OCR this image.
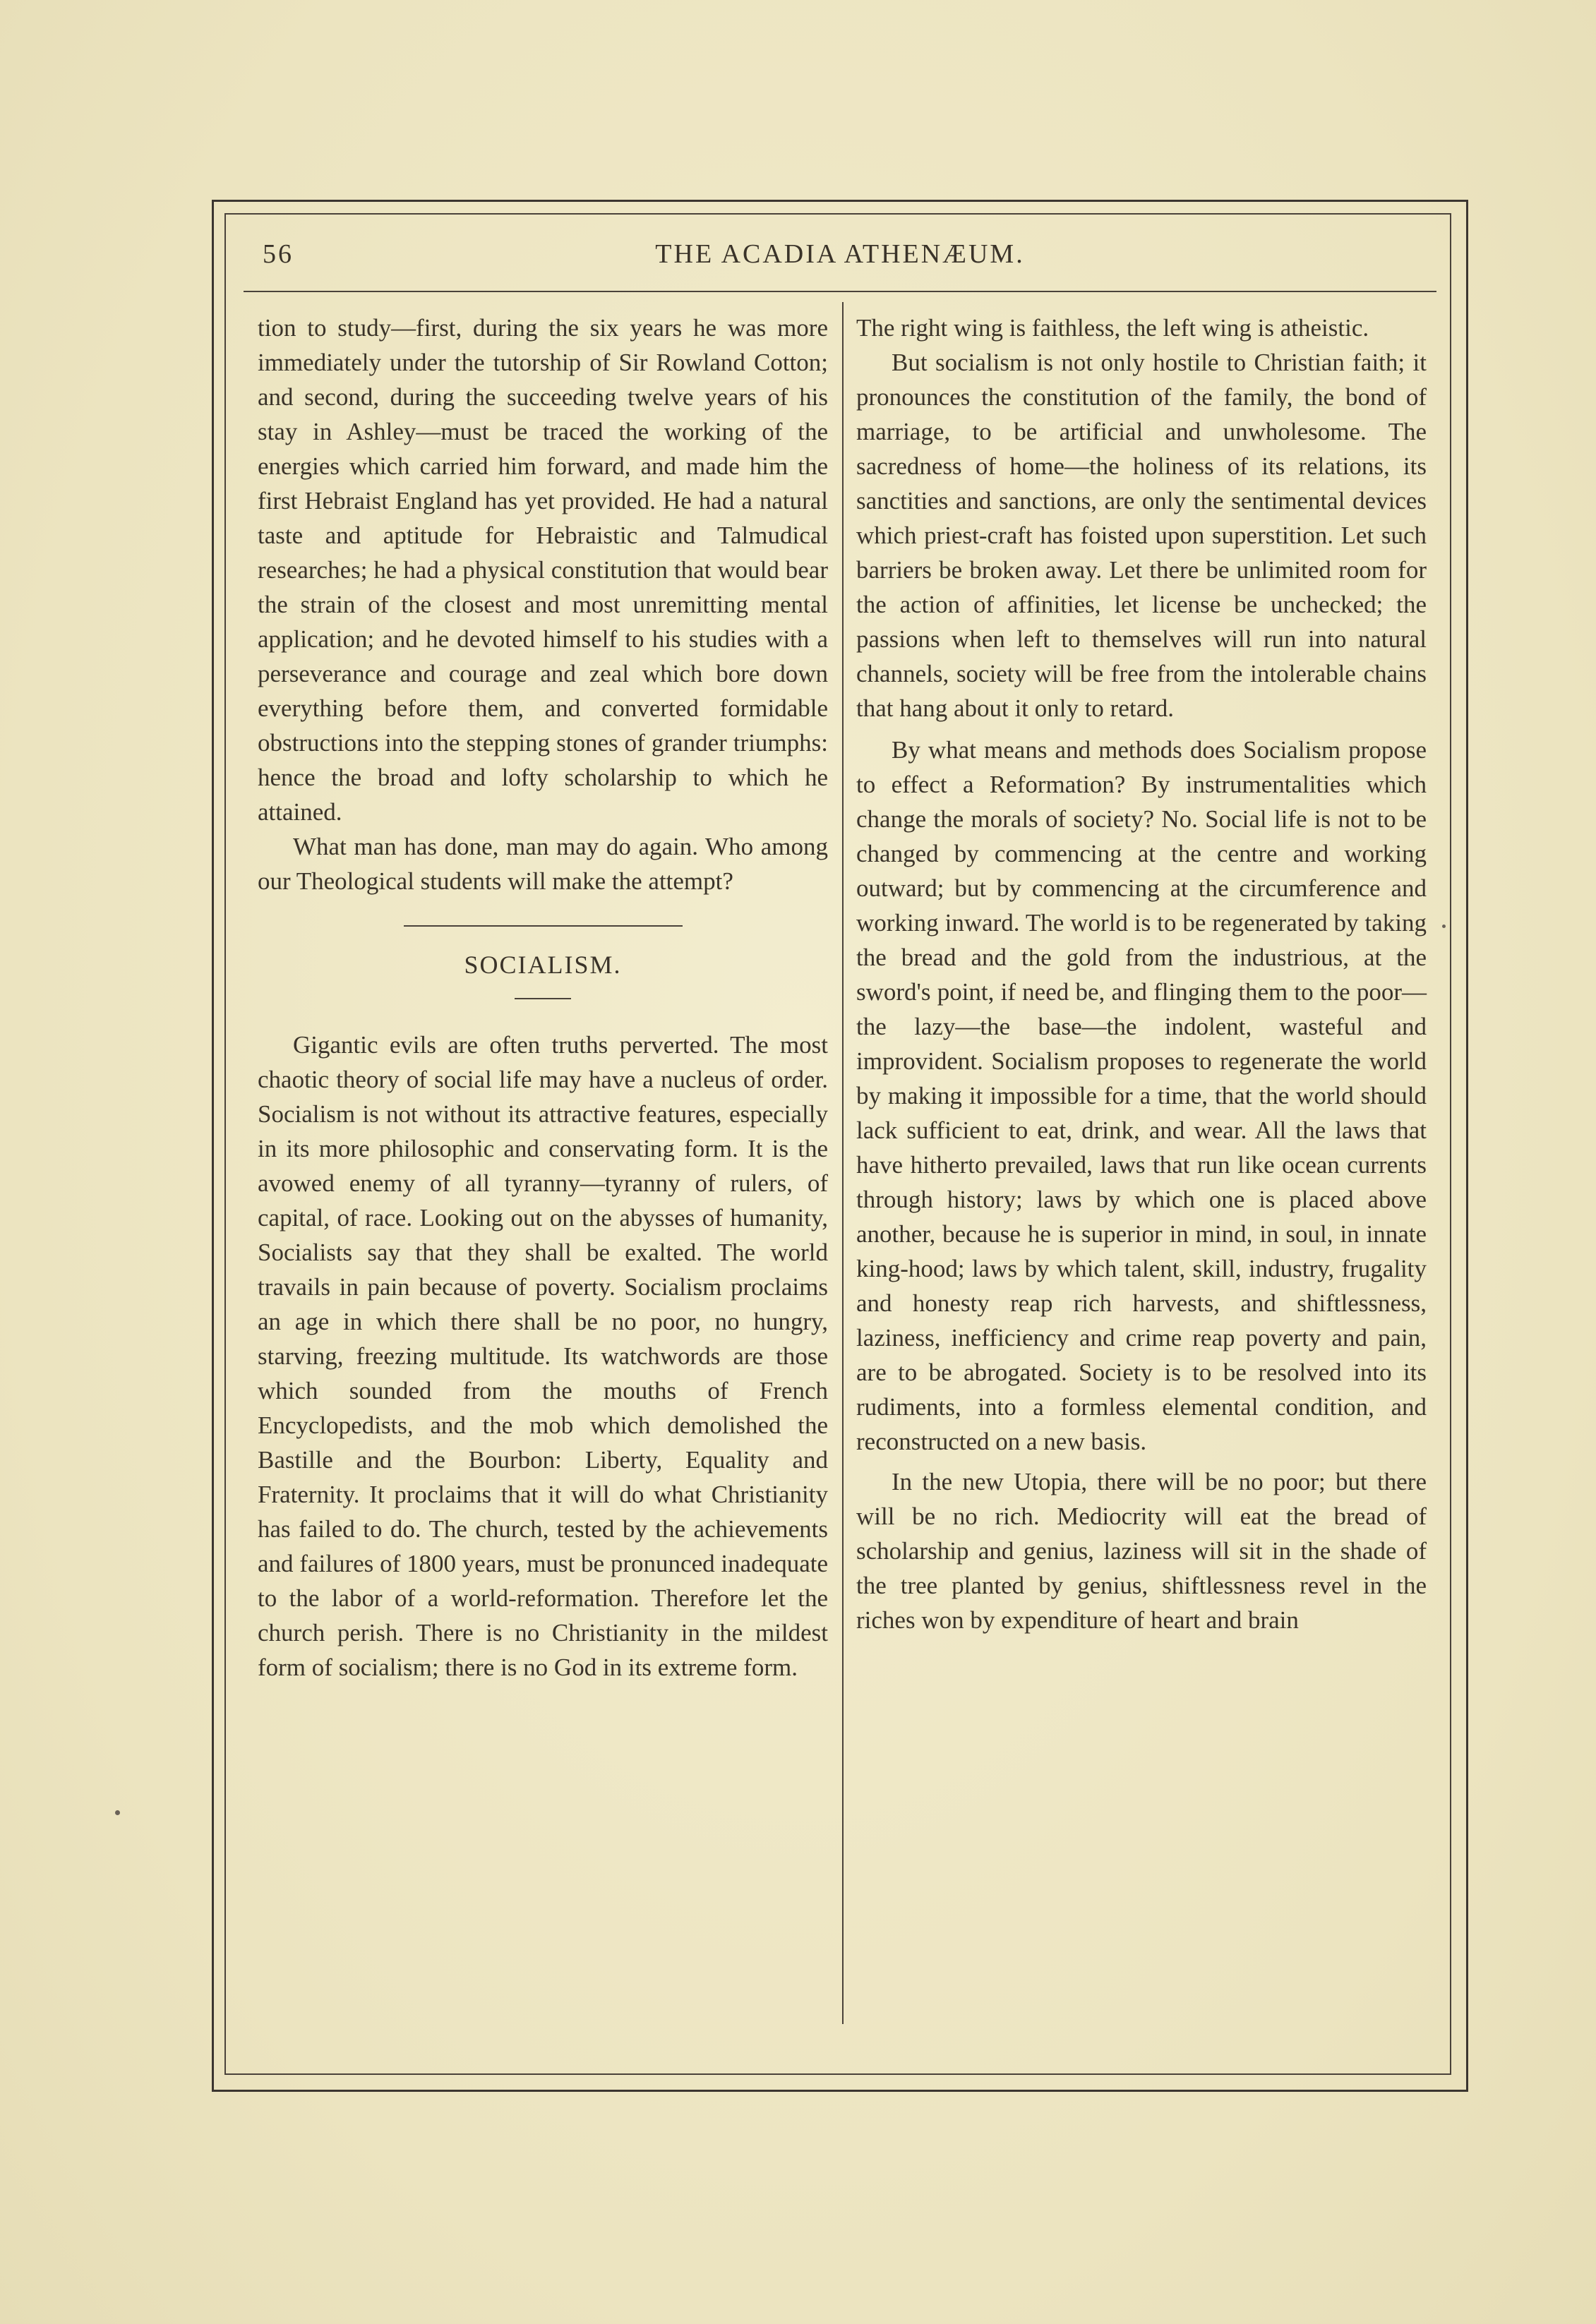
THE ACADIA ATHENÆUM.
56

tion to study—first, during the six years he was more immediately under the tutorship of Sir Rowland Cotton; and second, during the succeeding twelve years of his stay in Ashley—must be traced the working of the energies which carried him forward, and made him the first Hebraist England has yet provided. He had a natural taste and aptitude for Hebraistic and Talmudical researches; he had a physical constitution that would bear the strain of the closest and most unremitting mental application; and he devoted himself to his studies with a perseverance and courage and zeal which bore down everything before them, and converted formidable obstructions into the stepping stones of grander triumphs: hence the broad and lofty scholarship to which he attained.

What man has done, man may do again. Who among our Theological students will make the attempt?

SOCIALISM.

Gigantic evils are often truths perverted. The most chaotic theory of social life may have a nucleus of order. Socialism is not without its attractive features, especially in its more philosophic and conservating form. It is the avowed enemy of all tyranny—tyranny of rulers, of capital, of race. Looking out on the abysses of humanity, Socialists say that they shall be exalted. The world travails in pain because of poverty. Socialism proclaims an age in which there shall be no poor, no hungry, starving, freezing multitude. Its watchwords are those which sounded from the mouths of French Encyclopedists, and the mob which demolished the Bastille and the Bourbon: Liberty, Equality and Fraternity. It proclaims that it will do what Christianity has failed to do. The church, tested by the achievements and failures of 1800 years, must be pronunced inadequate to the labor of a world-reformation. Therefore let the church perish. There is no Christianity in the mildest form of socialism; there is no God in its extreme form.

The right wing is faithless, the left wing is atheistic.

But socialism is not only hostile to Christian faith; it pronounces the constitution of the family, the bond of marriage, to be artificial and unwholesome. The sacredness of home—the holiness of its relations, its sanctities and sanctions, are only the sentimental devices which priest-craft has foisted upon superstition. Let such barriers be broken away. Let there be unlimited room for the action of affinities, let license be unchecked; the passions when left to themselves will run into natural channels, society will be free from the intolerable chains that hang about it only to retard.

By what means and methods does Socialism propose to effect a Reformation? By instrumentalities which change the morals of society? No. Social life is not to be changed by commencing at the centre and working outward; but by commencing at the circumference and working inward. The world is to be regenerated by taking the bread and the gold from the industrious, at the sword's point, if need be, and flinging them to the poor—the lazy—the base—the indolent, wasteful and improvident. Socialism proposes to regenerate the world by making it impossible for a time, that the world should lack sufficient to eat, drink, and wear. All the laws that have hitherto prevailed, laws that run like ocean currents through history; laws by which one is placed above another, because he is superior in mind, in soul, in innate king-hood; laws by which talent, skill, industry, frugality and honesty reap rich harvests, and shiftlessness, laziness, inefficiency and crime reap poverty and pain, are to be abrogated. Society is to be resolved into its rudiments, into a formless elemental condition, and reconstructed on a new basis.

In the new Utopia, there will be no poor; but there will be no rich. Mediocrity will eat the bread of scholarship and genius, laziness will sit in the shade of the tree planted by genius, shiftlessness revel in the riches won by expenditure of heart and brain
